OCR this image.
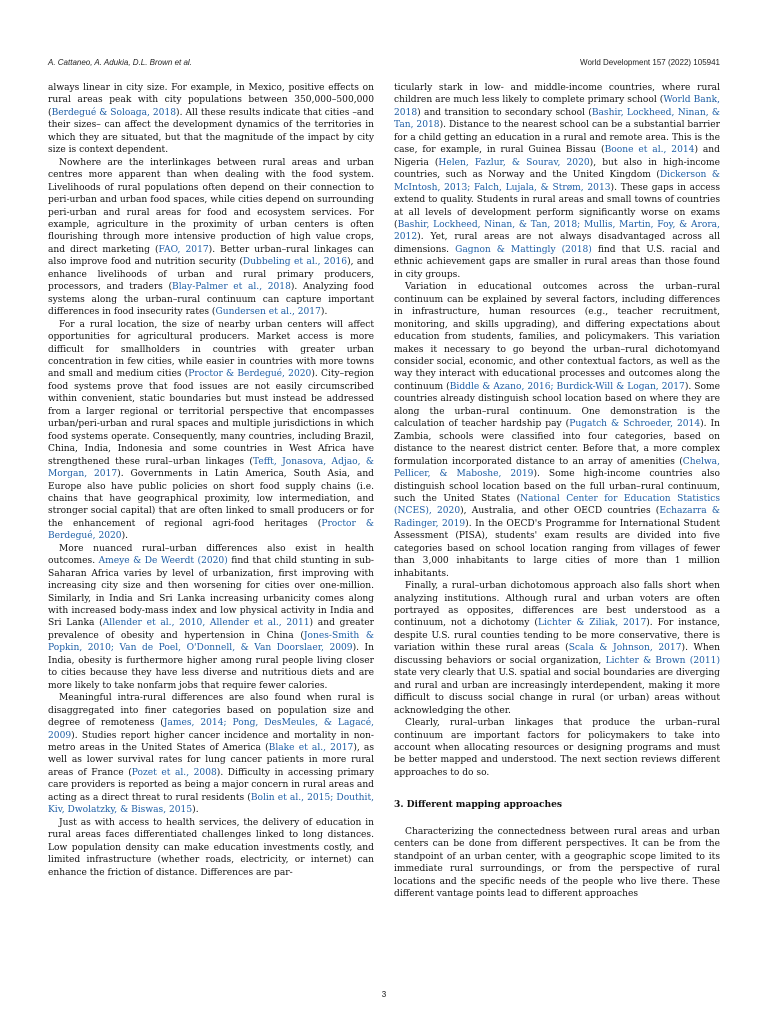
A. Cattaneo, A. Adukia, D.L. Brown et al.	World Development 157 (2022) 105941

always linear in city size. For example, in Mexico, positive effects on rural areas peak with city populations between 350,000–500,000 (Berdegué & Soloaga, 2018). All these results indicate that cities –and their sizes– can affect the development dynamics of the territories in which they are situated, but that the magnitude of the impact by city size is context dependent.

Nowhere are the interlinkages between rural areas and urban centres more apparent than when dealing with the food system. Livelihoods of rural populations often depend on their connection to peri-urban and urban food spaces, while cities depend on surrounding peri-urban and rural areas for food and ecosystem services. For example, agriculture in the proximity of urban centers is often flourishing through more intensive production of high value crops, and direct marketing (FAO, 2017). Better urban–rural linkages can also improve food and nutrition security (Dubbeling et al., 2016), and enhance livelihoods of urban and rural primary producers, processors, and traders (Blay-Palmer et al., 2018). Analyzing food systems along the urban–rural continuum can capture important differences in food insecurity rates (Gundersen et al., 2017).

For a rural location, the size of nearby urban centers will affect opportunities for agricultural producers. Market access is more difficult for smallholders in countries with greater urban concentration in few cities, while easier in countries with more towns and small and medium cities (Proctor & Berdegué, 2020). City–region food systems prove that food issues are not easily circumscribed within convenient, static boundaries but must instead be addressed from a larger regional or territorial perspective that encompasses urban/peri-urban and rural spaces and multiple jurisdictions in which food systems operate. Consequently, many countries, including Brazil, China, India, Indonesia and some countries in West Africa have strengthened these rural–urban linkages (Tefft, Jonasova, Adjao, & Morgan, 2017). Governments in Latin America, South Asia, and Europe also have public policies on short food supply chains (i.e. chains that have geographical proximity, low intermediation, and stronger social capital) that are often linked to small producers or for the enhancement of regional agri-food heritages (Proctor & Berdegué, 2020).

More nuanced rural–urban differences also exist in health outcomes. Ameye & De Weerdt (2020) find that child stunting in sub-Saharan Africa varies by level of urbanization, first improving with increasing city size and then worsening for cities over one-million. Similarly, in India and Sri Lanka increasing urbanicity comes along with increased body-mass index and low physical activity in India and Sri Lanka (Allender et al., 2010, Allender et al., 2011) and greater prevalence of obesity and hypertension in China (Jones-Smith & Popkin, 2010; Van de Poel, O'Donnell, & Van Doorslaer, 2009). In India, obesity is furthermore higher among rural people living closer to cities because they have less diverse and nutritious diets and are more likely to take nonfarm jobs that require fewer calories.

Meaningful intra-rural differences are also found when rural is disaggregated into finer categories based on population size and degree of remoteness (James, 2014; Pong, DesMeules, & Lagacé, 2009). Studies report higher cancer incidence and mortality in non-metro areas in the United States of America (Blake et al., 2017), as well as lower survival rates for lung cancer patients in more rural areas of France (Pozet et al., 2008). Difficulty in accessing primary care providers is reported as being a major concern in rural areas and acting as a direct threat to rural residents (Bolin et al., 2015; Douthit, Kiv, Dwolatzky, & Biswas, 2015).

Just as with access to health services, the delivery of education in rural areas faces differentiated challenges linked to long distances. Low population density can make education investments costly, and limited infrastructure (whether roads, electricity, or internet) can enhance the friction of distance. Differences are par-

ticularly stark in low- and middle-income countries, where rural children are much less likely to complete primary school (World Bank, 2018) and transition to secondary school (Bashir, Lockheed, Ninan, & Tan, 2018). Distance to the nearest school can be a substantial barrier for a child getting an education in a rural and remote area. This is the case, for example, in rural Guinea Bissau (Boone et al., 2014) and Nigeria (Helen, Fazlur, & Sourav, 2020), but also in high-income countries, such as Norway and the United Kingdom (Dickerson & McIntosh, 2013; Falch, Lujala, & Strøm, 2013). These gaps in access extend to quality. Students in rural areas and small towns of countries at all levels of development perform significantly worse on exams (Bashir, Lockheed, Ninan, & Tan, 2018; Mullis, Martin, Foy, & Arora, 2012). Yet, rural areas are not always disadvantaged across all dimensions. Gagnon & Mattingly (2018) find that U.S. racial and ethnic achievement gaps are smaller in rural areas than those found in city groups.

Variation in educational outcomes across the urban–rural continuum can be explained by several factors, including differences in infrastructure, human resources (e.g., teacher recruitment, monitoring, and skills upgrading), and differing expectations about education from students, families, and policymakers. This variation makes it necessary to go beyond the urban–rural dichotomyand consider social, economic, and other contextual factors, as well as the way they interact with educational processes and outcomes along the continuum (Biddle & Azano, 2016; Burdick-Will & Logan, 2017). Some countries already distinguish school location based on where they are along the urban–rural continuum. One demonstration is the calculation of teacher hardship pay (Pugatch & Schroeder, 2014). In Zambia, schools were classified into four categories, based on distance to the nearest district center. Before that, a more complex formulation incorporated distance to an array of amenities (Chelwa, Pellicer, & Maboshe, 2019). Some high-income countries also distinguish school location based on the full urban–rural continuum, such the United States (National Center for Education Statistics (NCES), 2020), Australia, and other OECD countries (Echazarra & Radinger, 2019). In the OECD's Programme for International Student Assessment (PISA), students' exam results are divided into five categories based on school location ranging from villages of fewer than 3,000 inhabitants to large cities of more than 1 million inhabitants.

Finally, a rural–urban dichotomous approach also falls short when analyzing institutions. Although rural and urban voters are often portrayed as opposites, differences are best understood as a continuum, not a dichotomy (Lichter & Ziliak, 2017). For instance, despite U.S. rural counties tending to be more conservative, there is variation within these rural areas (Scala & Johnson, 2017). When discussing behaviors or social organization, Lichter & Brown (2011) state very clearly that U.S. spatial and social boundaries are diverging and rural and urban are increasingly interdependent, making it more difficult to discuss social change in rural (or urban) areas without acknowledging the other.

Clearly, rural–urban linkages that produce the urban–rural continuum are important factors for policymakers to take into account when allocating resources or designing programs and must be better mapped and understood. The next section reviews different approaches to do so.

3. Different mapping approaches

Characterizing the connectedness between rural areas and urban centers can be done from different perspectives. It can be from the standpoint of an urban center, with a geographic scope limited to its immediate rural surroundings, or from the perspective of rural locations and the specific needs of the people who live there. These different vantage points lead to different approaches

3
